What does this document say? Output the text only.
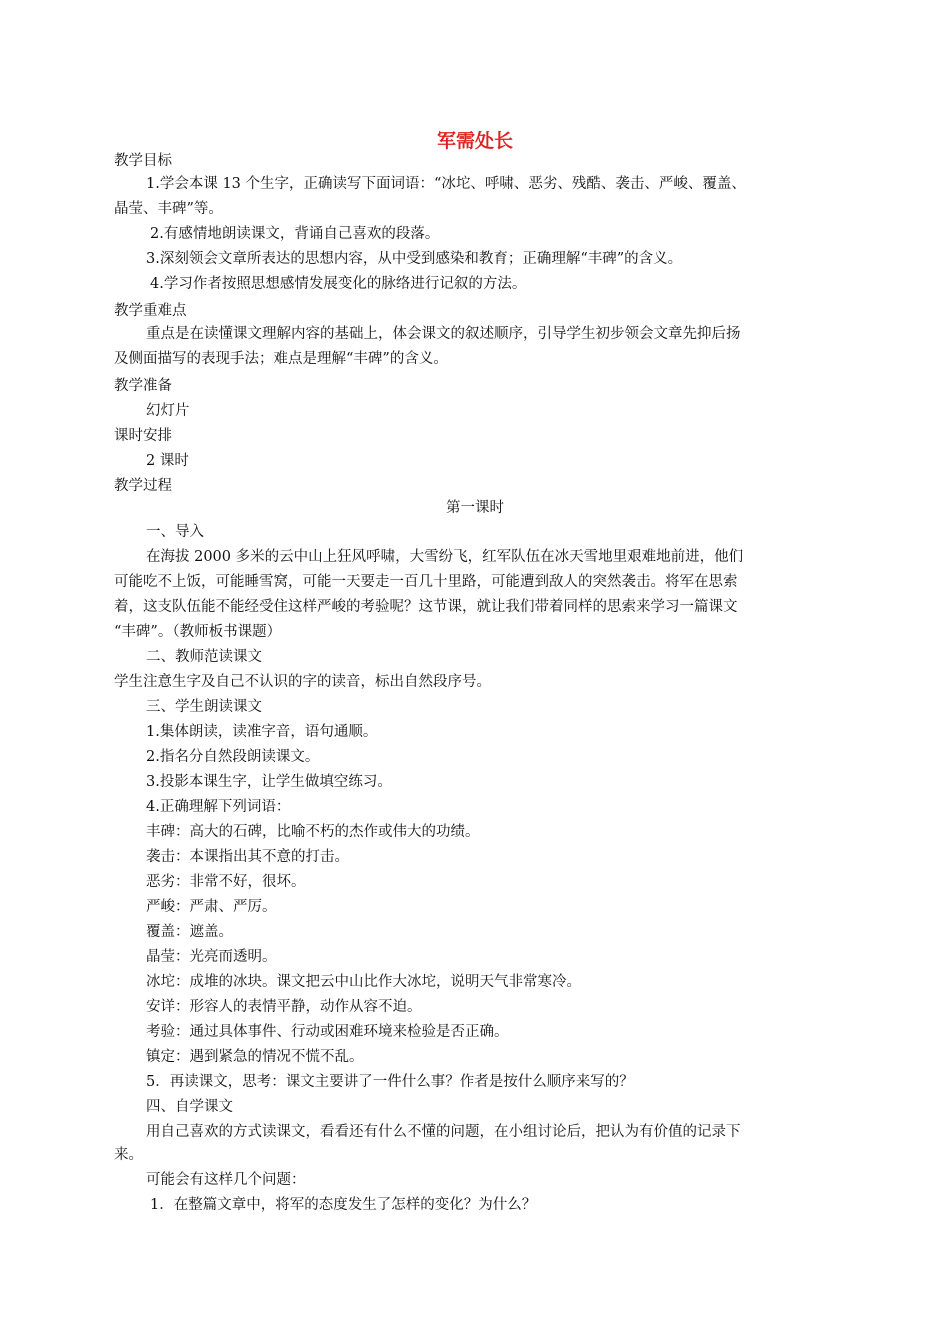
军需处长
教学目标
1.学会本课 13 个生字，正确读写下面词语：“冰坨、呼啸、恶劣、残酷、袭击、严峻、覆盖、
晶莹、丰碑”等。
2.有感情地朗读课文，背诵自己喜欢的段落。
3.深刻领会文章所表达的思想内容，从中受到感染和教育；正确理解“丰碑”的含义。
4.学习作者按照思想感情发展变化的脉络进行记叙的方法。
教学重难点
重点是在读懂课文理解内容的基础上，体会课文的叙述顺序，引导学生初步领会文章先抑后扬
及侧面描写的表现手法；难点是理解“丰碑”的含义。
教学准备
幻灯片
课时安排
2 课时
教学过程
第一课时
一、导入
在海拔 2000 多米的云中山上狂风呼啸，大雪纷飞，红军队伍在冰天雪地里艰难地前进，他们
可能吃不上饭，可能睡雪窝，可能一天要走一百几十里路，可能遭到敌人的突然袭击。将军在思索
着，这支队伍能不能经受住这样严峻的考验呢？这节课，就让我们带着同样的思索来学习一篇课文
“丰碑”。（教师板书课题）
二、教师范读课文
学生注意生字及自己不认识的字的读音，标出自然段序号。
三、学生朗读课文
1.集体朗读，读准字音，语句通顺。
2.指名分自然段朗读课文。
3.投影本课生字，让学生做填空练习。
4.正确理解下列词语：
丰碑：高大的石碑，比喻不朽的杰作或伟大的功绩。
袭击：本课指出其不意的打击。
恶劣：非常不好，很坏。
严峻：严肃、严厉。
覆盖：遮盖。
晶莹：光亮而透明。
冰坨：成堆的冰块。课文把云中山比作大冰坨，说明天气非常寒冷。
安详：形容人的表情平静，动作从容不迫。
考验：通过具体事件、行动或困难环境来检验是否正确。
镇定：遇到紧急的情况不慌不乱。
5．再读课文，思考：课文主要讲了一件什么事？作者是按什么顺序来写的？
四、自学课文
用自己喜欢的方式读课文，看看还有什么不懂的问题，在小组讨论后，把认为有价值的记录下
来。
可能会有这样几个问题：
1．在整篇文章中，将军的态度发生了怎样的变化？为什么？
